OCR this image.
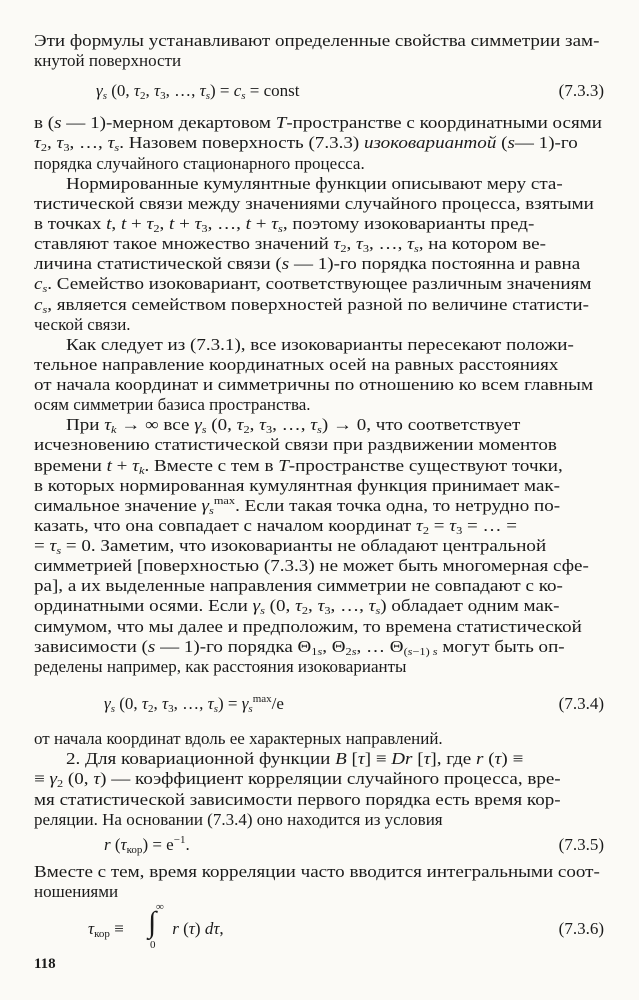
Эти формулы устанавливают определенные свойства симметрии зам-
кнутой поверхности
$\gamma_s$ (0, $\tau_2$, $\tau_3$, …, $\tau_s) = c_s$ = const	(7.3.3)
в (s — 1)-мерном декартовом T-пространстве с координатными осями
$\tau_2$, $\tau_3$, …, $\tau_s$. Назовем поверхность (7.3.3) изоковариантой (s— 1)-го
порядка случайного стационарного процесса.
Нормированные кумулянтные функции описывают меру ста-
тистической связи между значениями случайного процесса, взятыми
в точках t, $t + \tau_2$, $t + \tau_3$, …, $t + \tau_s$, поэтому изоковарианты пред-
ставляют такое множество значений $\tau_2$, $\tau_3$, …, $\tau_s$, на котором ве-
личина статистической связи (s — 1)-го порядка постоянна и равна
$c_s$. Семейство изоковариант, соответствующее различным значениям
$c_s$, является семейством поверхностей разной по величине статисти-
ческой связи.
Как следует из (7.3.1), все изоковарианты пересекают положи-
тельное направление координатных осей на равных расстояниях
от начала координат и симметричны по отношению ко всем главным
осям симметрии базиса пространства.
При $\tau_k$ → ∞ все $\gamma_s$ (0, $\tau_2$, $\tau_3$, …, $\tau_s) \to 0$, что соответствует
исчезновению статистической связи при раздвижении моментов
времени $t + \tau_k$. Вместе с тем в T-пространстве существуют точки,
в которых нормированная кумулянтная функция принимает мак-
симальное значение $\gamma_s^{max}$. Если такая точка одна, то нетрудно по-
казать, что она совпадает с началом координат $\tau_2 = \tau_3$ = … =
= $\tau_s = 0$. Заметим, что изоковарианты не обладают центральной
симметрией [поверхностью (7.3.3) не может быть многомерная сфе-
ра], а их выделенные направления симметрии не совпадают с ко-
ординатными осями. Если $\gamma_s$ (0, $\tau_2$, $\tau_3$, …, $\tau_s$) обладает одним мак-
симумом, что мы далее и предположим, то времена статистической
зависимости (s — 1)-го порядка $\Theta_{1s}$, $\Theta_{2s}$, … $\Theta_{(s-1) s}$ могут быть оп-
ределены например, как расстояния изоковарианты
$\gamma_s$ (0, $\tau_2$, $\tau_3$, …, $\tau_s) = \gamma_s^{max}/e$	(7.3.4)
от начала координат вдоль ее характерных направлений.
2. Для ковариационной функции B [τ] ≡ Dr [τ], где r (τ) ≡
≡ $\gamma_2$ (0, τ) — коэффициент корреляции случайного процесса, вре-
мя статистической зависимости первого порядка есть время кор-
реляции. На основании (7.3.4) оно находится из условия
r $(\tau_{кор}) = e^{-1}$.	(7.3.5)
Вместе с тем, время корреляции часто вводится интегральными соот-
ношениями
$\tau_{кор}$ ≡ ∫ ∞
0
r (τ) dτ,	(7.3.6)
118
